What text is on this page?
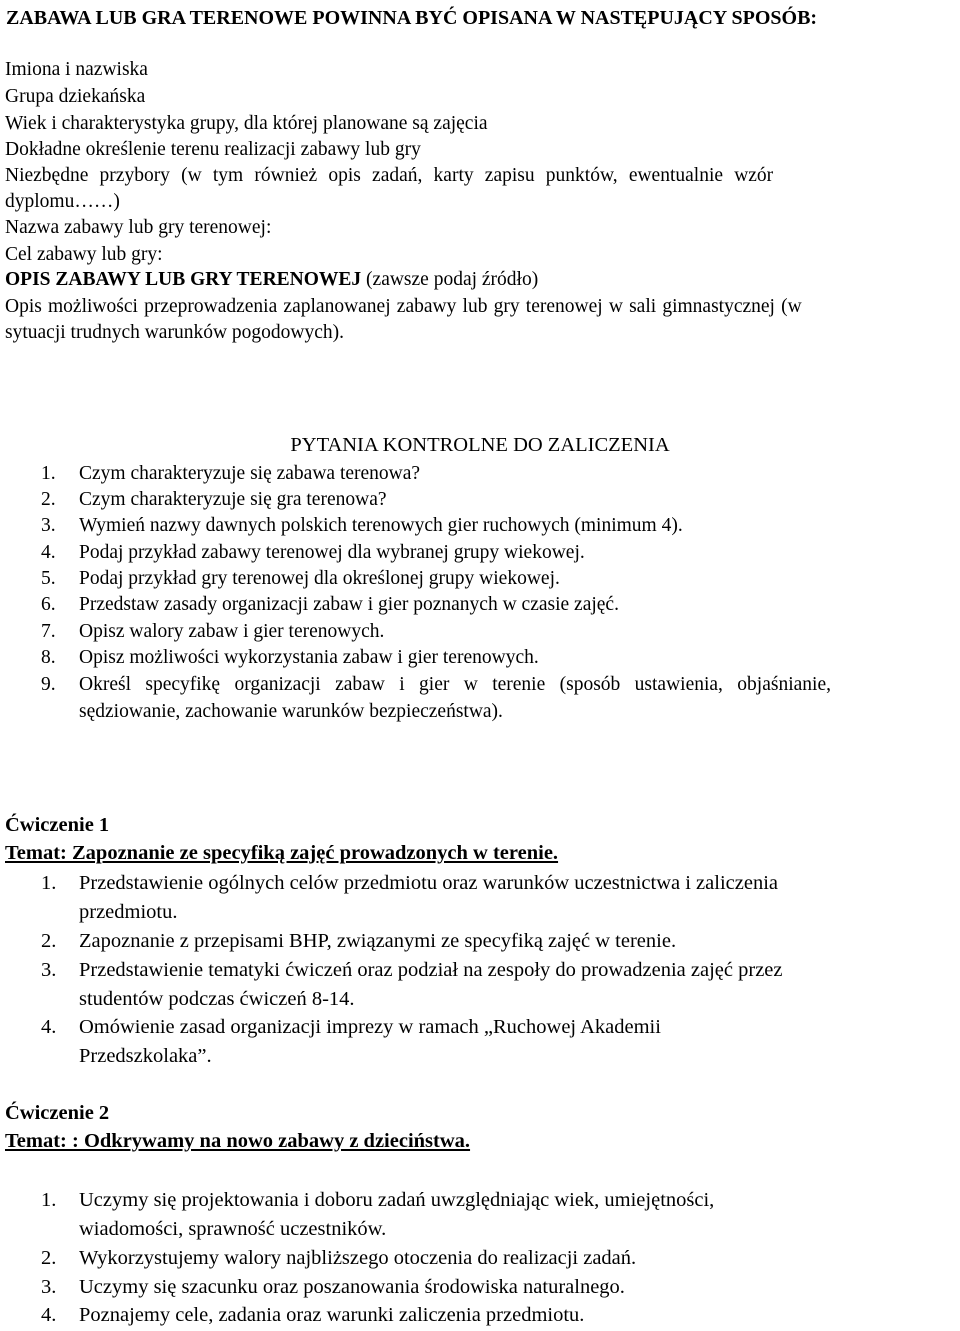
ZABAWA LUB GRA TERENOWE POWINNA BYĆ OPISANA W NASTĘPUJĄCY SPOSÓB:
Imiona i nazwiska
Grupa dziekańska
Wiek i charakterystyka grupy, dla której planowane są zajęcia
Dokładne określenie terenu realizacji zabawy lub gry
Niezbędne przybory (w tym również opis zadań, karty zapisu punktów, ewentualnie wzór
dyplomu……)
Nazwa zabawy lub gry terenowej:
Cel zabawy lub gry:
OPIS ZABAWY LUB GRY TERENOWEJ (zawsze podaj źródło)
Opis możliwości przeprowadzenia zaplanowanej zabawy lub gry terenowej w sali gimnastycznej (w
sytuacji trudnych warunków pogodowych).
PYTANIA KONTROLNE DO ZALICZENIA
1. Czym charakteryzuje się zabawa terenowa?
2. Czym charakteryzuje się gra terenowa?
3. Wymień nazwy dawnych polskich terenowych gier ruchowych (minimum 4).
4. Podaj przykład zabawy terenowej dla wybranej grupy wiekowej.
5. Podaj przykład gry terenowej dla określonej grupy wiekowej.
6. Przedstaw zasady organizacji zabaw i gier poznanych w czasie zajęć.
7. Opisz walory zabaw i gier terenowych.
8. Opisz możliwości wykorzystania zabaw i gier terenowych.
9. Określ specyfikę organizacji zabaw i gier w terenie (sposób ustawienia, objaśnianie,
sędziowanie, zachowanie warunków bezpieczeństwa).
Ćwiczenie 1
Temat: Zapoznanie ze specyfiką zajęć prowadzonych w terenie.
1. Przedstawienie ogólnych celów przedmiotu oraz warunków uczestnictwa i zaliczenia
przedmiotu.
2. Zapoznanie z przepisami BHP, związanymi ze specyfiką zajęć w terenie.
3. Przedstawienie tematyki ćwiczeń oraz podział na zespoły do prowadzenia zajęć przez
studentów podczas ćwiczeń 8-14.
4. Omówienie zasad organizacji imprezy w ramach „Ruchowej Akademii
Przedszkolaka”.
Ćwiczenie 2
Temat: : Odkrywamy na nowo zabawy z dzieciństwa.
1. Uczymy się projektowania i doboru zadań uwzględniając wiek, umiejętności,
wiadomości, sprawność uczestników.
2. Wykorzystujemy walory najbliższego otoczenia do realizacji zadań.
3. Uczymy się szacunku oraz poszanowania środowiska naturalnego.
4. Poznajemy cele, zadania oraz warunki zaliczenia przedmiotu.
